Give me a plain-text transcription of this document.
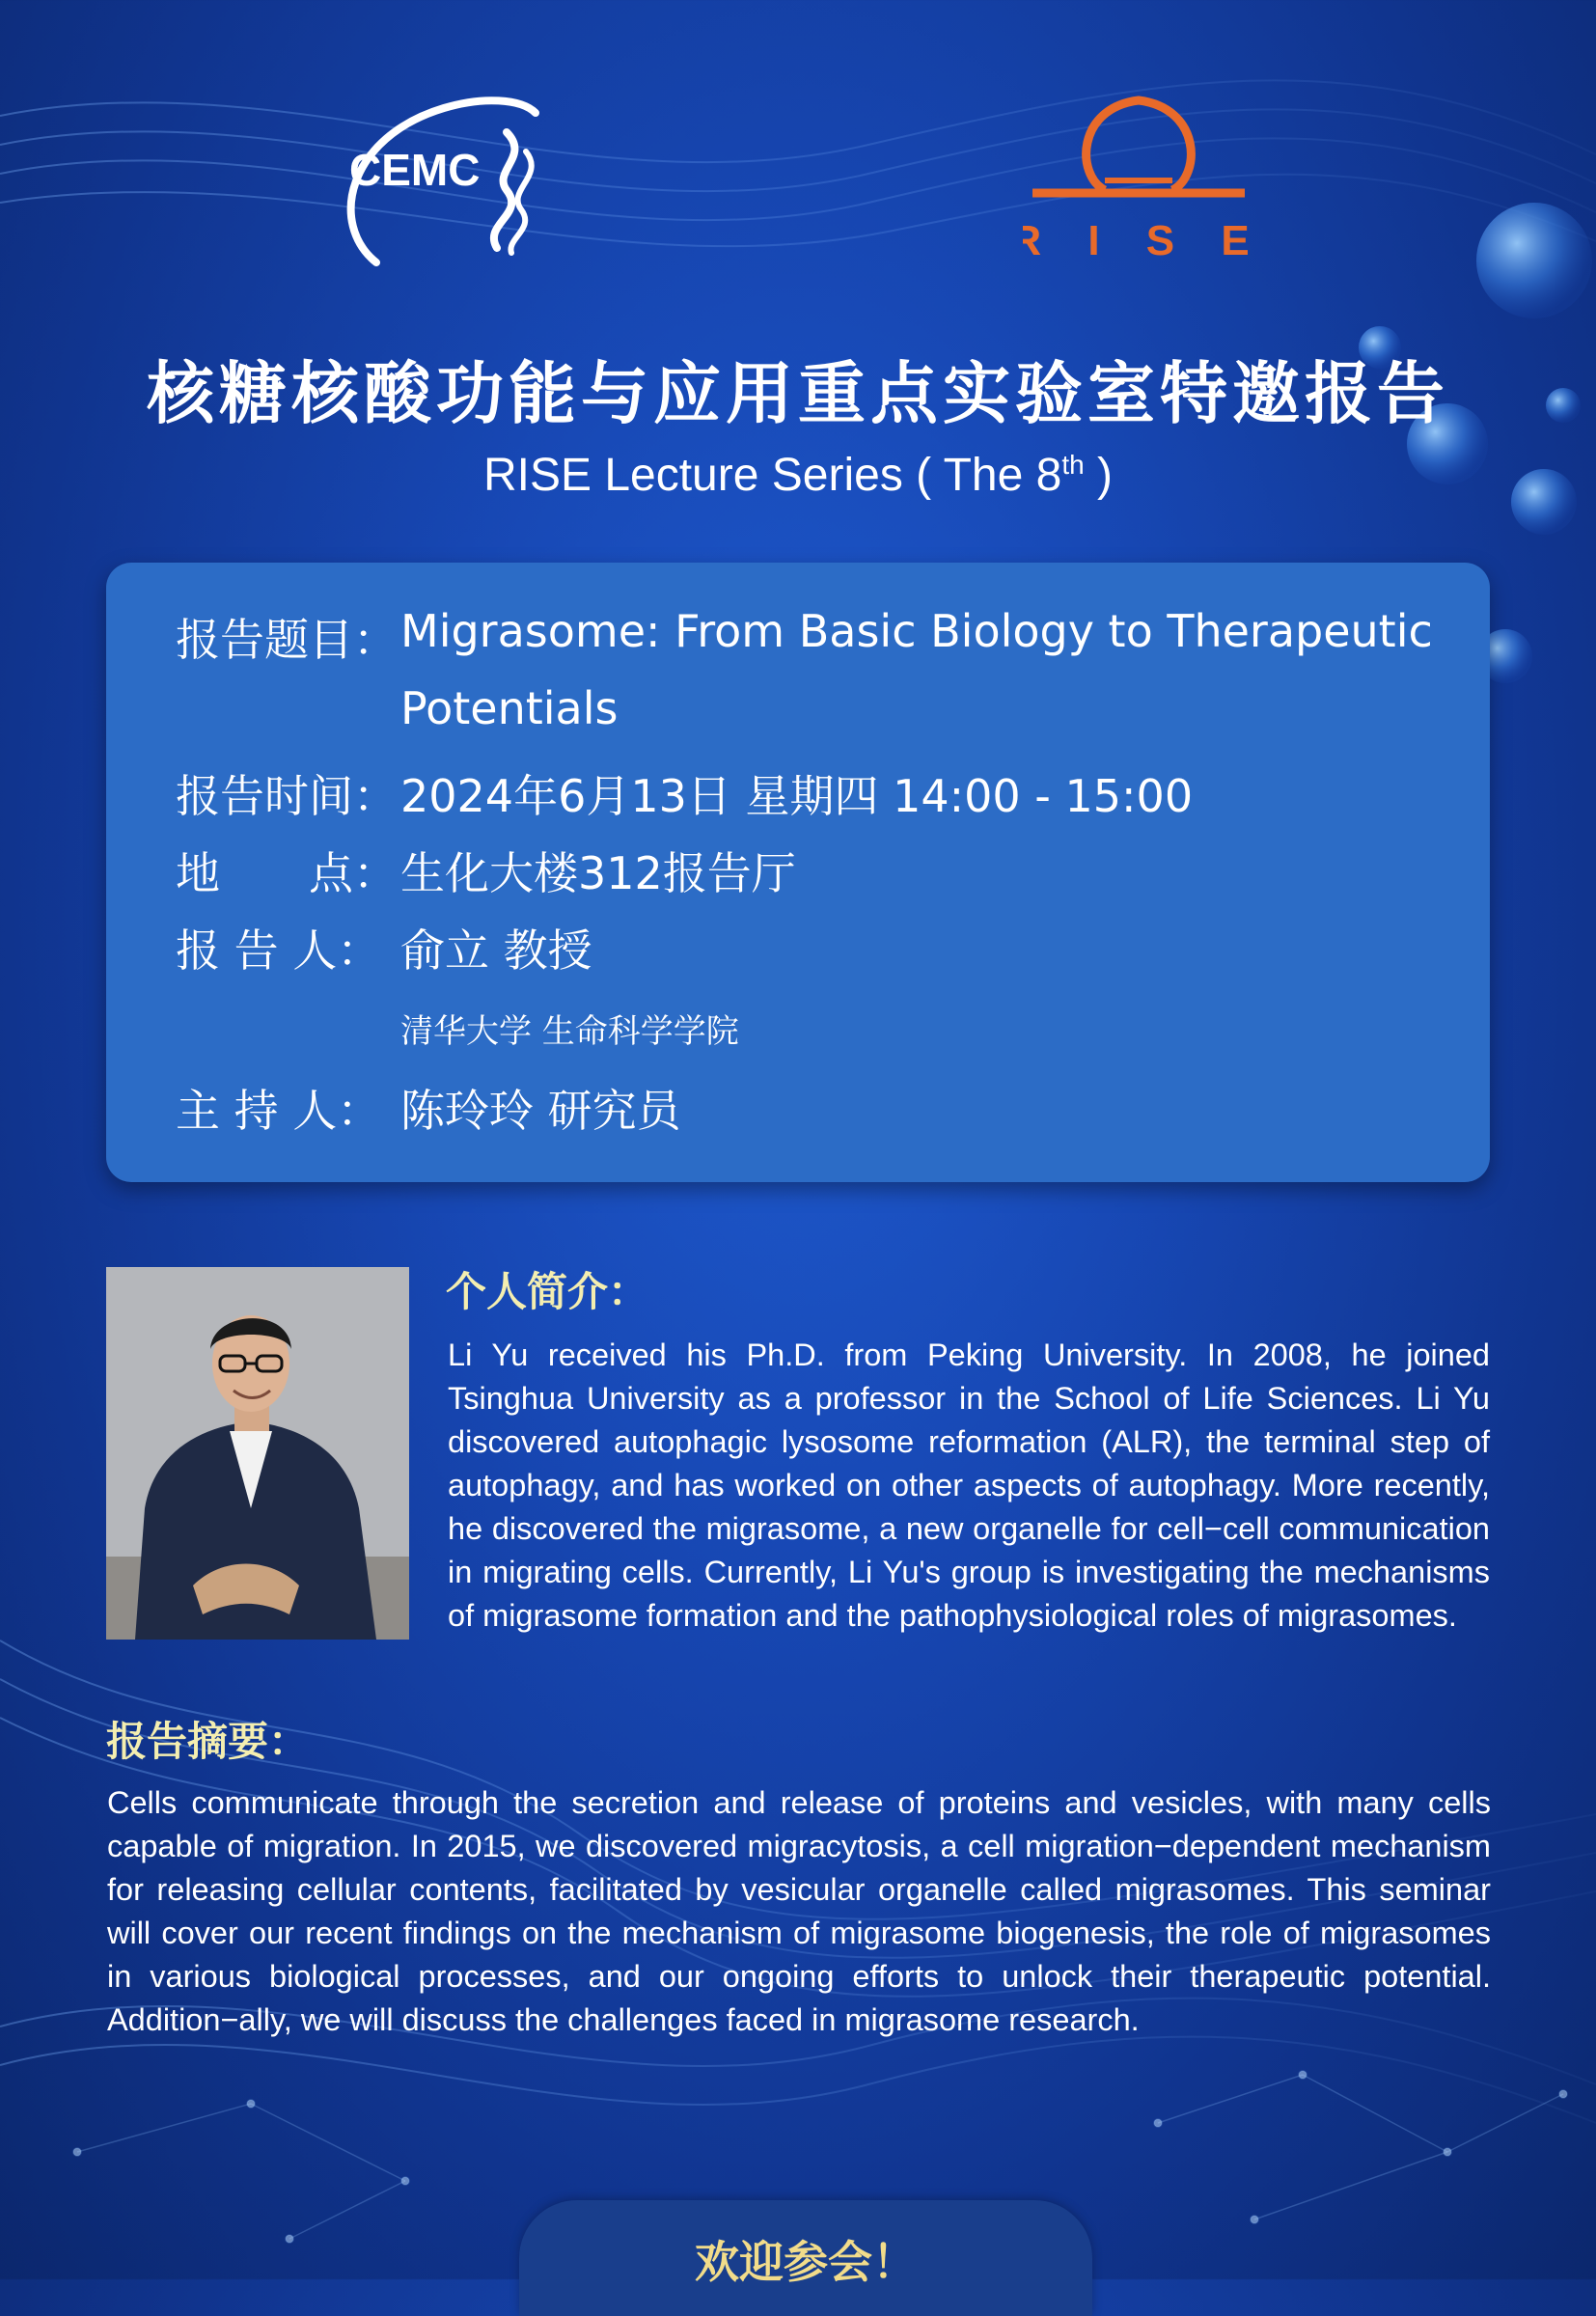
CEMC
R I S E
核糖核酸功能与应用重点实验室特邀报告
RISE Lecture Series ( The 8th )
报告题目： Migrasome: From Basic Biology to Therapeutic
Potentials
报告时间： 2024年6月13日 星期四 14:00 - 15:00
地　　点： 生化大楼312报告厅
报 告 人： 俞立 教授
清华大学 生命科学学院
主 持 人： 陈玲玲 研究员
个人简介：
Li Yu received his Ph.D. from Peking University. In 2008, he joined Tsinghua University as a professor in the School of Life Sciences. Li Yu discovered autophagic lysosome reformation (ALR), the terminal step of autophagy, and has worked on other aspects of autophagy. More recently, he discovered the migrasome, a new organelle for cell−cell communication in migrating cells. Currently, Li Yu's group is investigating the mechanisms of migrasome formation and the pathophysiological roles of migrasomes.
报告摘要：
Cells communicate through the secretion and release of proteins and vesicles, with many cells capable of migration. In 2015, we discovered migracytosis, a cell migration−dependent mechanism for releasing cellular contents, facilitated by vesicular organelle called migrasomes. This seminar will cover our recent findings on the mechanism of migrasome biogenesis, the role of migrasomes in various biological processes, and our ongoing efforts to unlock their therapeutic potential. Addition−ally, we will discuss the challenges faced in migrasome research.
欢迎参会！
